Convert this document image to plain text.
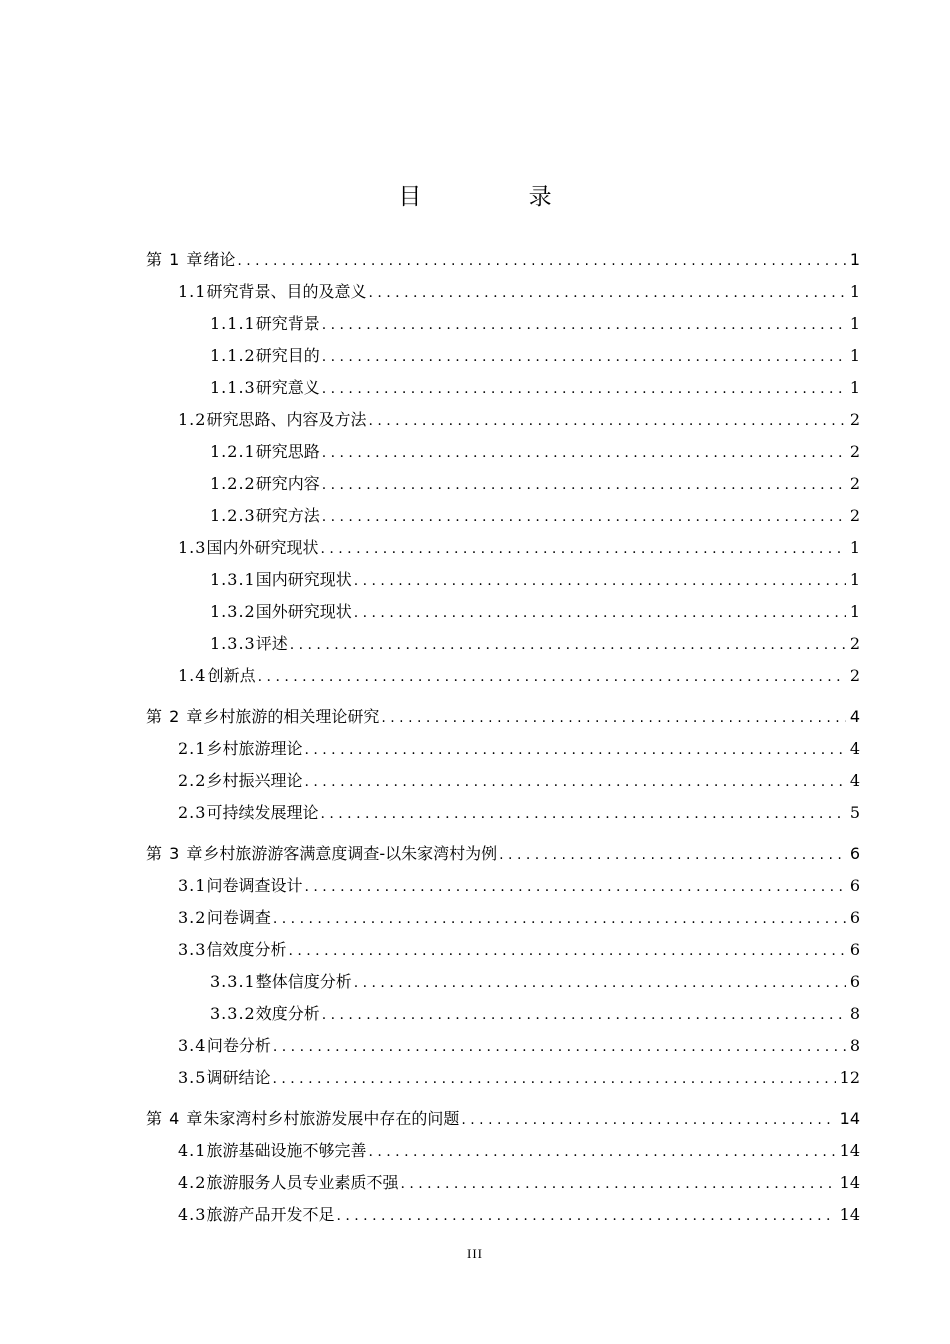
目 录
第 1 章 绪论 . . .	1
1.1 研究背景、目的及意义 . . .	1
1.1.1 研究背景 . . .	1
1.1.2 研究目的 . . .	1
1.1.3 研究意义 . . .	1
1.2 研究思路、内容及方法 . . .	2
1.2.1 研究思路 . . .	2
1.2.2 研究内容 . . .	2
1.2.3 研究方法 . . .	2
1.3 国内外研究现状 . . .	1
1.3.1 国内研究现状 . . .	1
1.3.2 国外研究现状 . . .	1
1.3.3 评述 . . .	2
1.4 创新点 . . .	2
第 2 章 乡村旅游的相关理论研究 . . .	4
2.1 乡村旅游理论 . . .	4
2.2 乡村振兴理论 . . .	4
2.3 可持续发展理论 . . .	5
第 3 章 乡村旅游游客满意度调查-以朱家湾村为例 . . .	6
3.1 问卷调查设计 . . .	6
3.2 问卷调查 . . .	6
3.3 信效度分析 . . .	6
3.3.1 整体信度分析 . . .	6
3.3.2 效度分析 . . .	8
3.4 问卷分析 . . .	8
3.5 调研结论 . . .	12
第 4 章 朱家湾村乡村旅游发展中存在的问题 . . .	14
4.1 旅游基础设施不够完善 . . .	14
4.2 旅游服务人员专业素质不强 . . .	14
4.3 旅游产品开发不足 . . .	14
III
